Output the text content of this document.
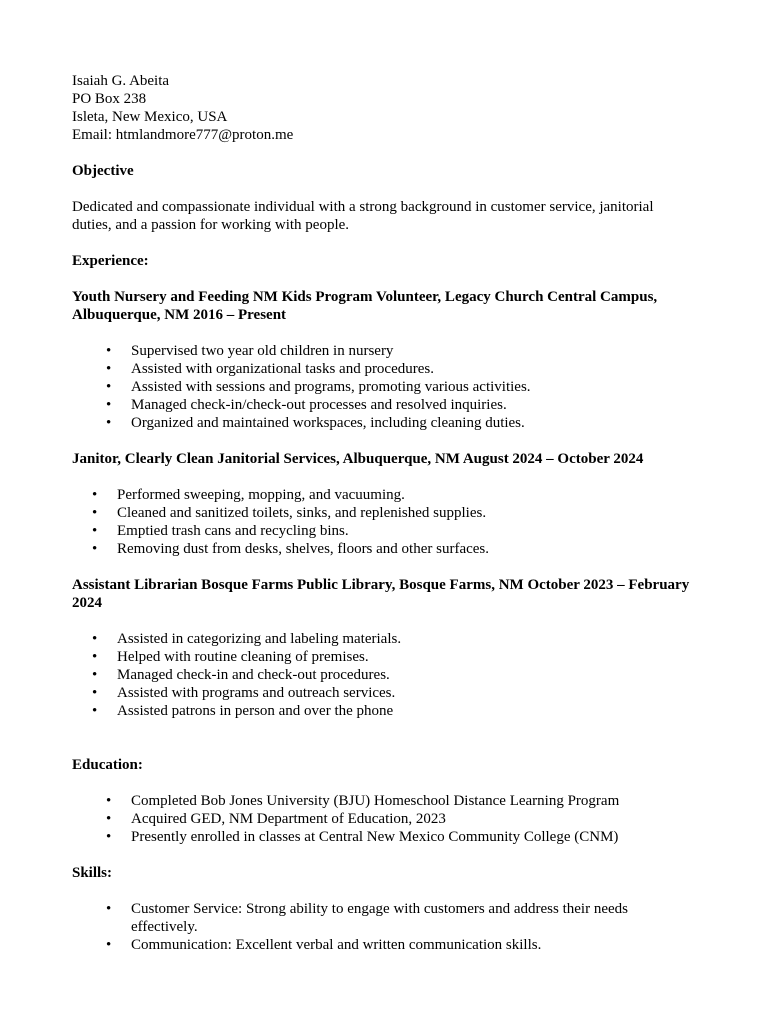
Isaiah G. Abeita
PO Box 238
Isleta, New Mexico, USA
Email: htmlandmore777@proton.me

Objective

Dedicated and compassionate individual with a strong background in customer service, janitorial duties, and a passion for working with people.

Experience:

Youth Nursery and Feeding NM Kids Program Volunteer, Legacy Church Central Campus, Albuquerque, NM 2016 – Present

• Supervised two year old children in nursery
• Assisted with organizational tasks and procedures.
• Assisted with sessions and programs, promoting various activities.
• Managed check-in/check-out processes and resolved inquiries.
• Organized and maintained workspaces, including cleaning duties.

Janitor, Clearly Clean Janitorial Services, Albuquerque, NM August 2024 – October 2024

• Performed sweeping, mopping, and vacuuming.
• Cleaned and sanitized toilets, sinks, and replenished supplies.
• Emptied trash cans and recycling bins.
• Removing dust from desks, shelves, floors and other surfaces.

Assistant Librarian Bosque Farms Public Library, Bosque Farms, NM October 2023 – February 2024

• Assisted in categorizing and labeling materials.
• Helped with routine cleaning of premises.
• Managed check-in and check-out procedures.
• Assisted with programs and outreach services.
• Assisted patrons in person and over the phone

Education:

• Completed Bob Jones University (BJU) Homeschool Distance Learning Program
• Acquired GED, NM Department of Education, 2023
• Presently enrolled in classes at Central New Mexico Community College (CNM)

Skills:

• Customer Service: Strong ability to engage with customers and address their needs effectively.
• Communication: Excellent verbal and written communication skills.
